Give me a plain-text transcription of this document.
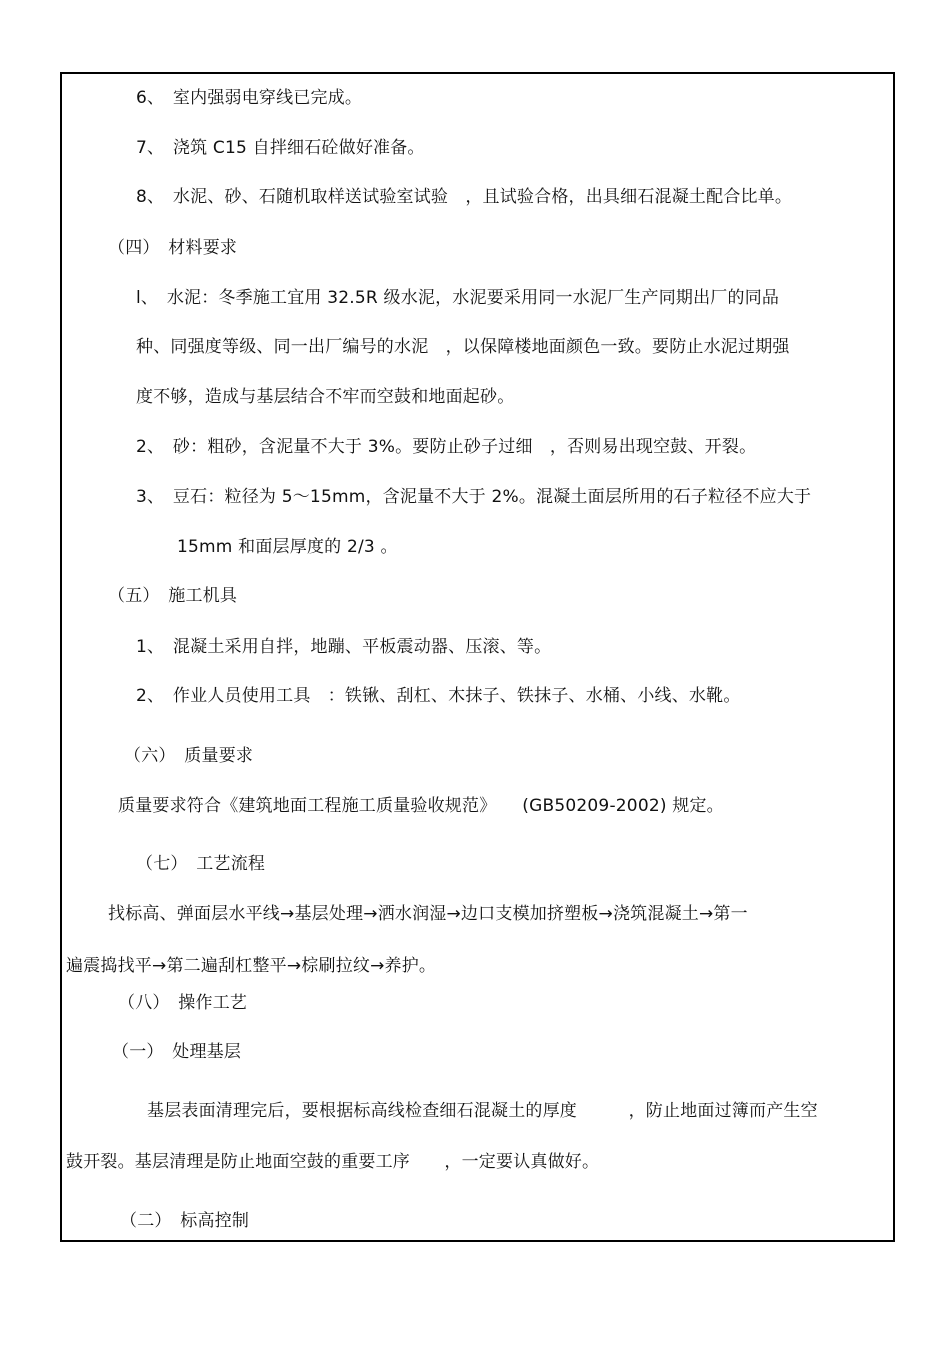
6、　室内强弱电穿线已完成。
7、　浇筑 C15 自拌细石砼做好准备。
8、　水泥、砂、石随机取样送试验室试验　，且试验合格，出具细石混凝土配合比单。
（四）　材料要求
l、　水泥：冬季施工宜用 32.5R 级水泥，水泥要采用同一水泥厂生产同期出厂的同品
种、同强度等级、同一出厂编号的水泥　，以保障楼地面颜色一致。要防止水泥过期强
度不够，造成与基层结合不牢而空鼓和地面起砂。
2、　砂：粗砂，含泥量不大于 3%。要防止砂子过细　，否则易出现空鼓、开裂。
3、　豆石：粒径为 5～15mm，含泥量不大于 2%。混凝土面层所用的石子粒径不应大于
15mm 和面层厚度的 2/3 。
（五）　施工机具
1、　混凝土采用自拌，地蹦、平板震动器、压滚、等。
2、　作业人员使用工具　：铁锹、刮杠、木抹子、铁抹子、水桶、小线、水靴。
（六）　质量要求
质量要求符合《建筑地面工程施工质量验收规范》　　(GB50209-2002) 规定。
（七）　工艺流程
找标高、弹面层水平线→基层处理→洒水润湿→边口支模加挤塑板→浇筑混凝土→第一
遍震捣找平→第二遍刮杠整平→棕刷拉纹→养护。
（八）　操作工艺
（一）　处理基层
基层表面清理完后，要根据标高线检查细石混凝土的厚度　　　，防止地面过簿而产生空
鼓开裂。基层清理是防止地面空鼓的重要工序　　，一定要认真做好。
（二）　标高控制
